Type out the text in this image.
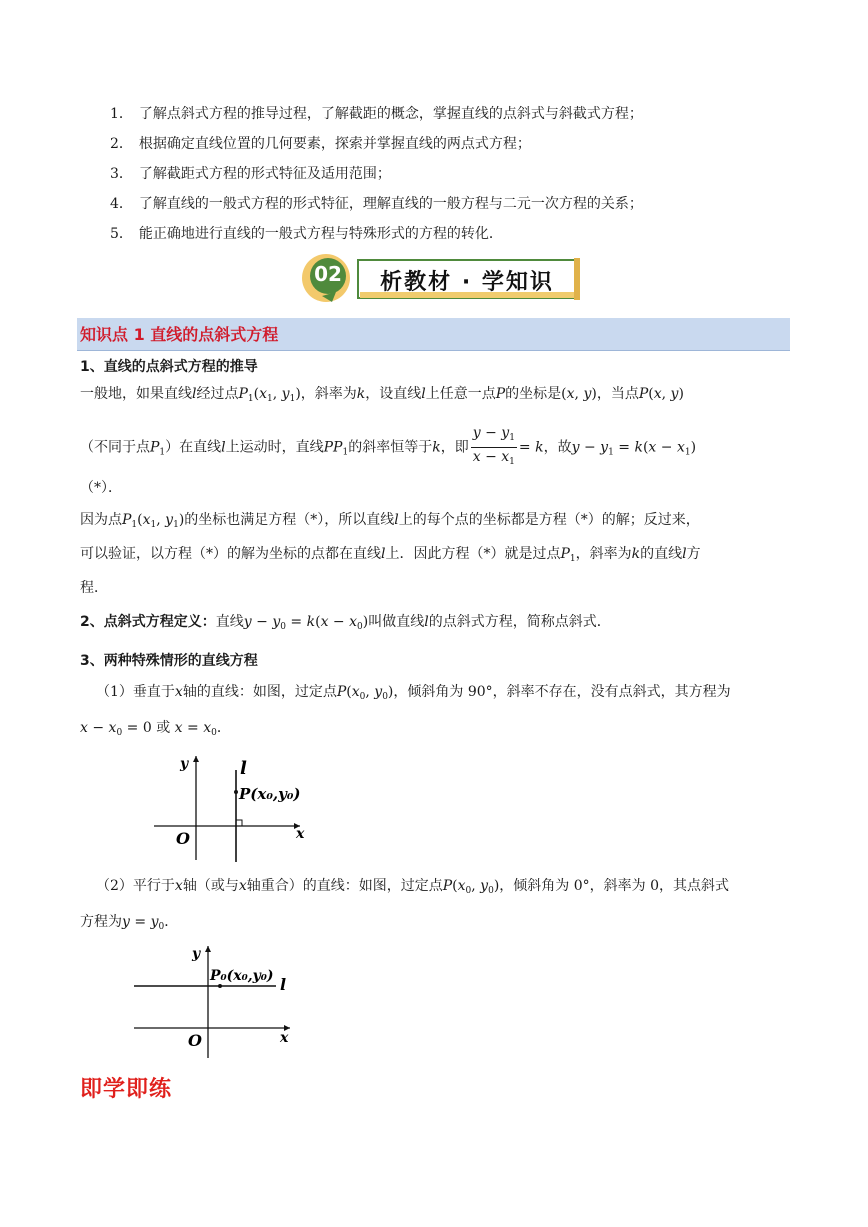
1． 了解点斜式方程的推导过程，了解截距的概念，掌握直线的点斜式与斜截式方程；
2． 根据确定直线位置的几何要素，探索并掌握直线的两点式方程；
3． 了解截距式方程的形式特征及适用范围；
4． 了解直线的一般式方程的形式特征，理解直线的一般方程与二元一次方程的关系；
5． 能正确地进行直线的一般式方程与特殊形式的方程的转化．
02	析教材 · 学知识
知识点 1 直线的点斜式方程
1、直线的点斜式方程的推导
一般地，如果直线l经过点$P_1(x_1$, $y_1$)，斜率为k，设直线l上任意一点P的坐标是(x, y)，当点P(x, y)
（不同于点$P_1$）在直线l上运动时，直线$PP_1$的斜率恒等于k，即 $\frac{y - y_1}{x - x_1} = k$，故$y - y_1 = k(x - x_1)$
（*）．
因为点$P_1(x_1$, $y_1$)的坐标也满足方程（*），所以直线l上的每个点的坐标都是方程（*）的解；反过来，
可以验证，以方程（*）的解为坐标的点都在直线l上．因此方程（*）就是过点$P_1$，斜率为k的直线l方
程．
2、点斜式方程定义：直线$y - y_0 = k(x - x_0)$叫做直线l的点斜式方程，简称点斜式．
3、两种特殊情形的直线方程
（1）垂直于x轴的直线：如图，过定点$P(x_0$, $y_0$)，倾斜角为 90°，斜率不存在，没有点斜式，其方程为
$x - x_0 = 0$ 或 $x = x_0$．
y
x
O
l
P(x₀,y₀)
（2）平行于x轴（或与x轴重合）的直线：如图，过定点$P(x_0$, $y_0$)，倾斜角为 0°，斜率为 0，其点斜式
方程为$y = y_0$．
y
x
O
l
P₀(x₀,y₀)
即学即练
